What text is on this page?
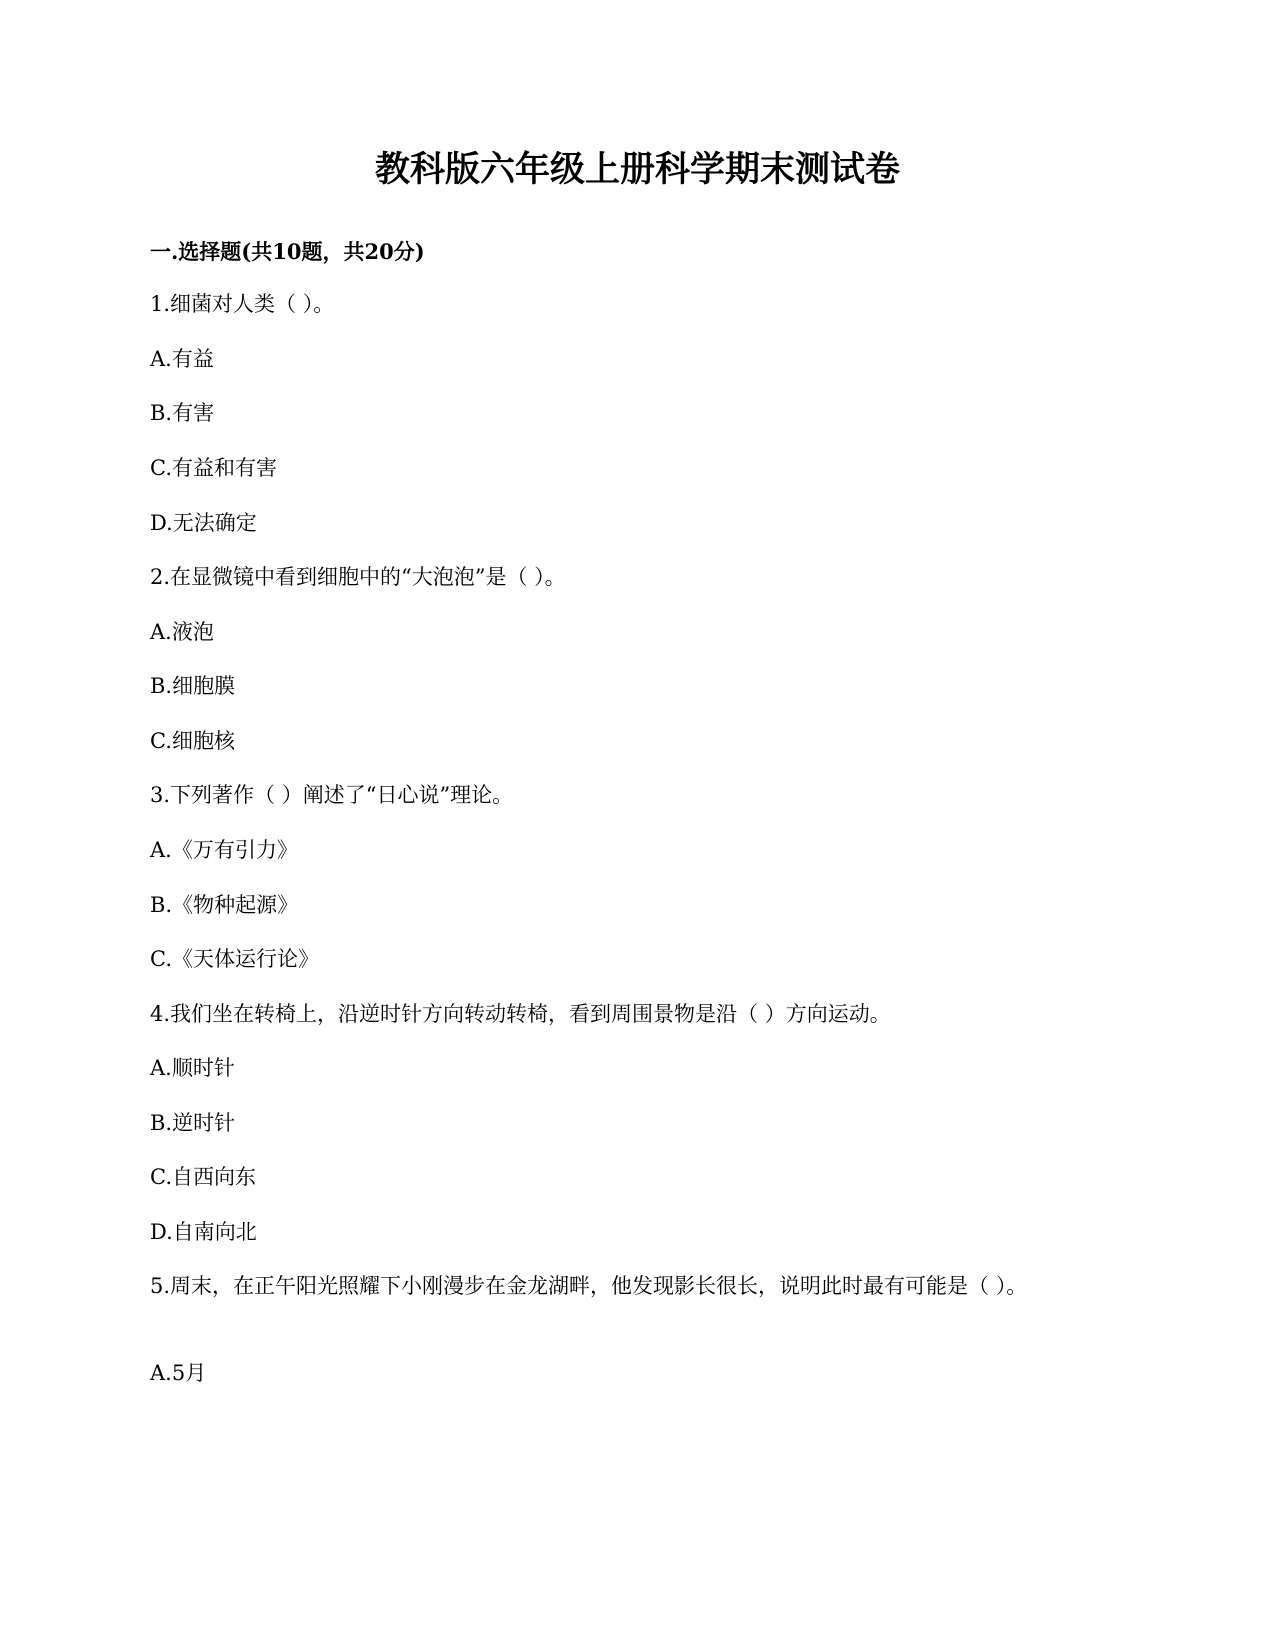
教科版六年级上册科学期末测试卷
一.选择题(共10题，共20分)

1.细菌对人类（ ）。

A.有益

B.有害

C.有益和有害

D.无法确定

2.在显微镜中看到细胞中的“大泡泡”是（ ）。

A.液泡

B.细胞膜

C.细胞核

3.下列著作（ ）阐述了“日心说”理论。

A.《万有引力》

B.《物种起源》

C.《天体运行论》

4.我们坐在转椅上，沿逆时针方向转动转椅，看到周围景物是沿（ ）方向运动。

A.顺时针

B.逆时针

C.自西向东

D.自南向北

5.周末，在正午阳光照耀下小刚漫步在金龙湖畔，他发现影长很长，说明此时最有可能是（ ）。

A.5月
